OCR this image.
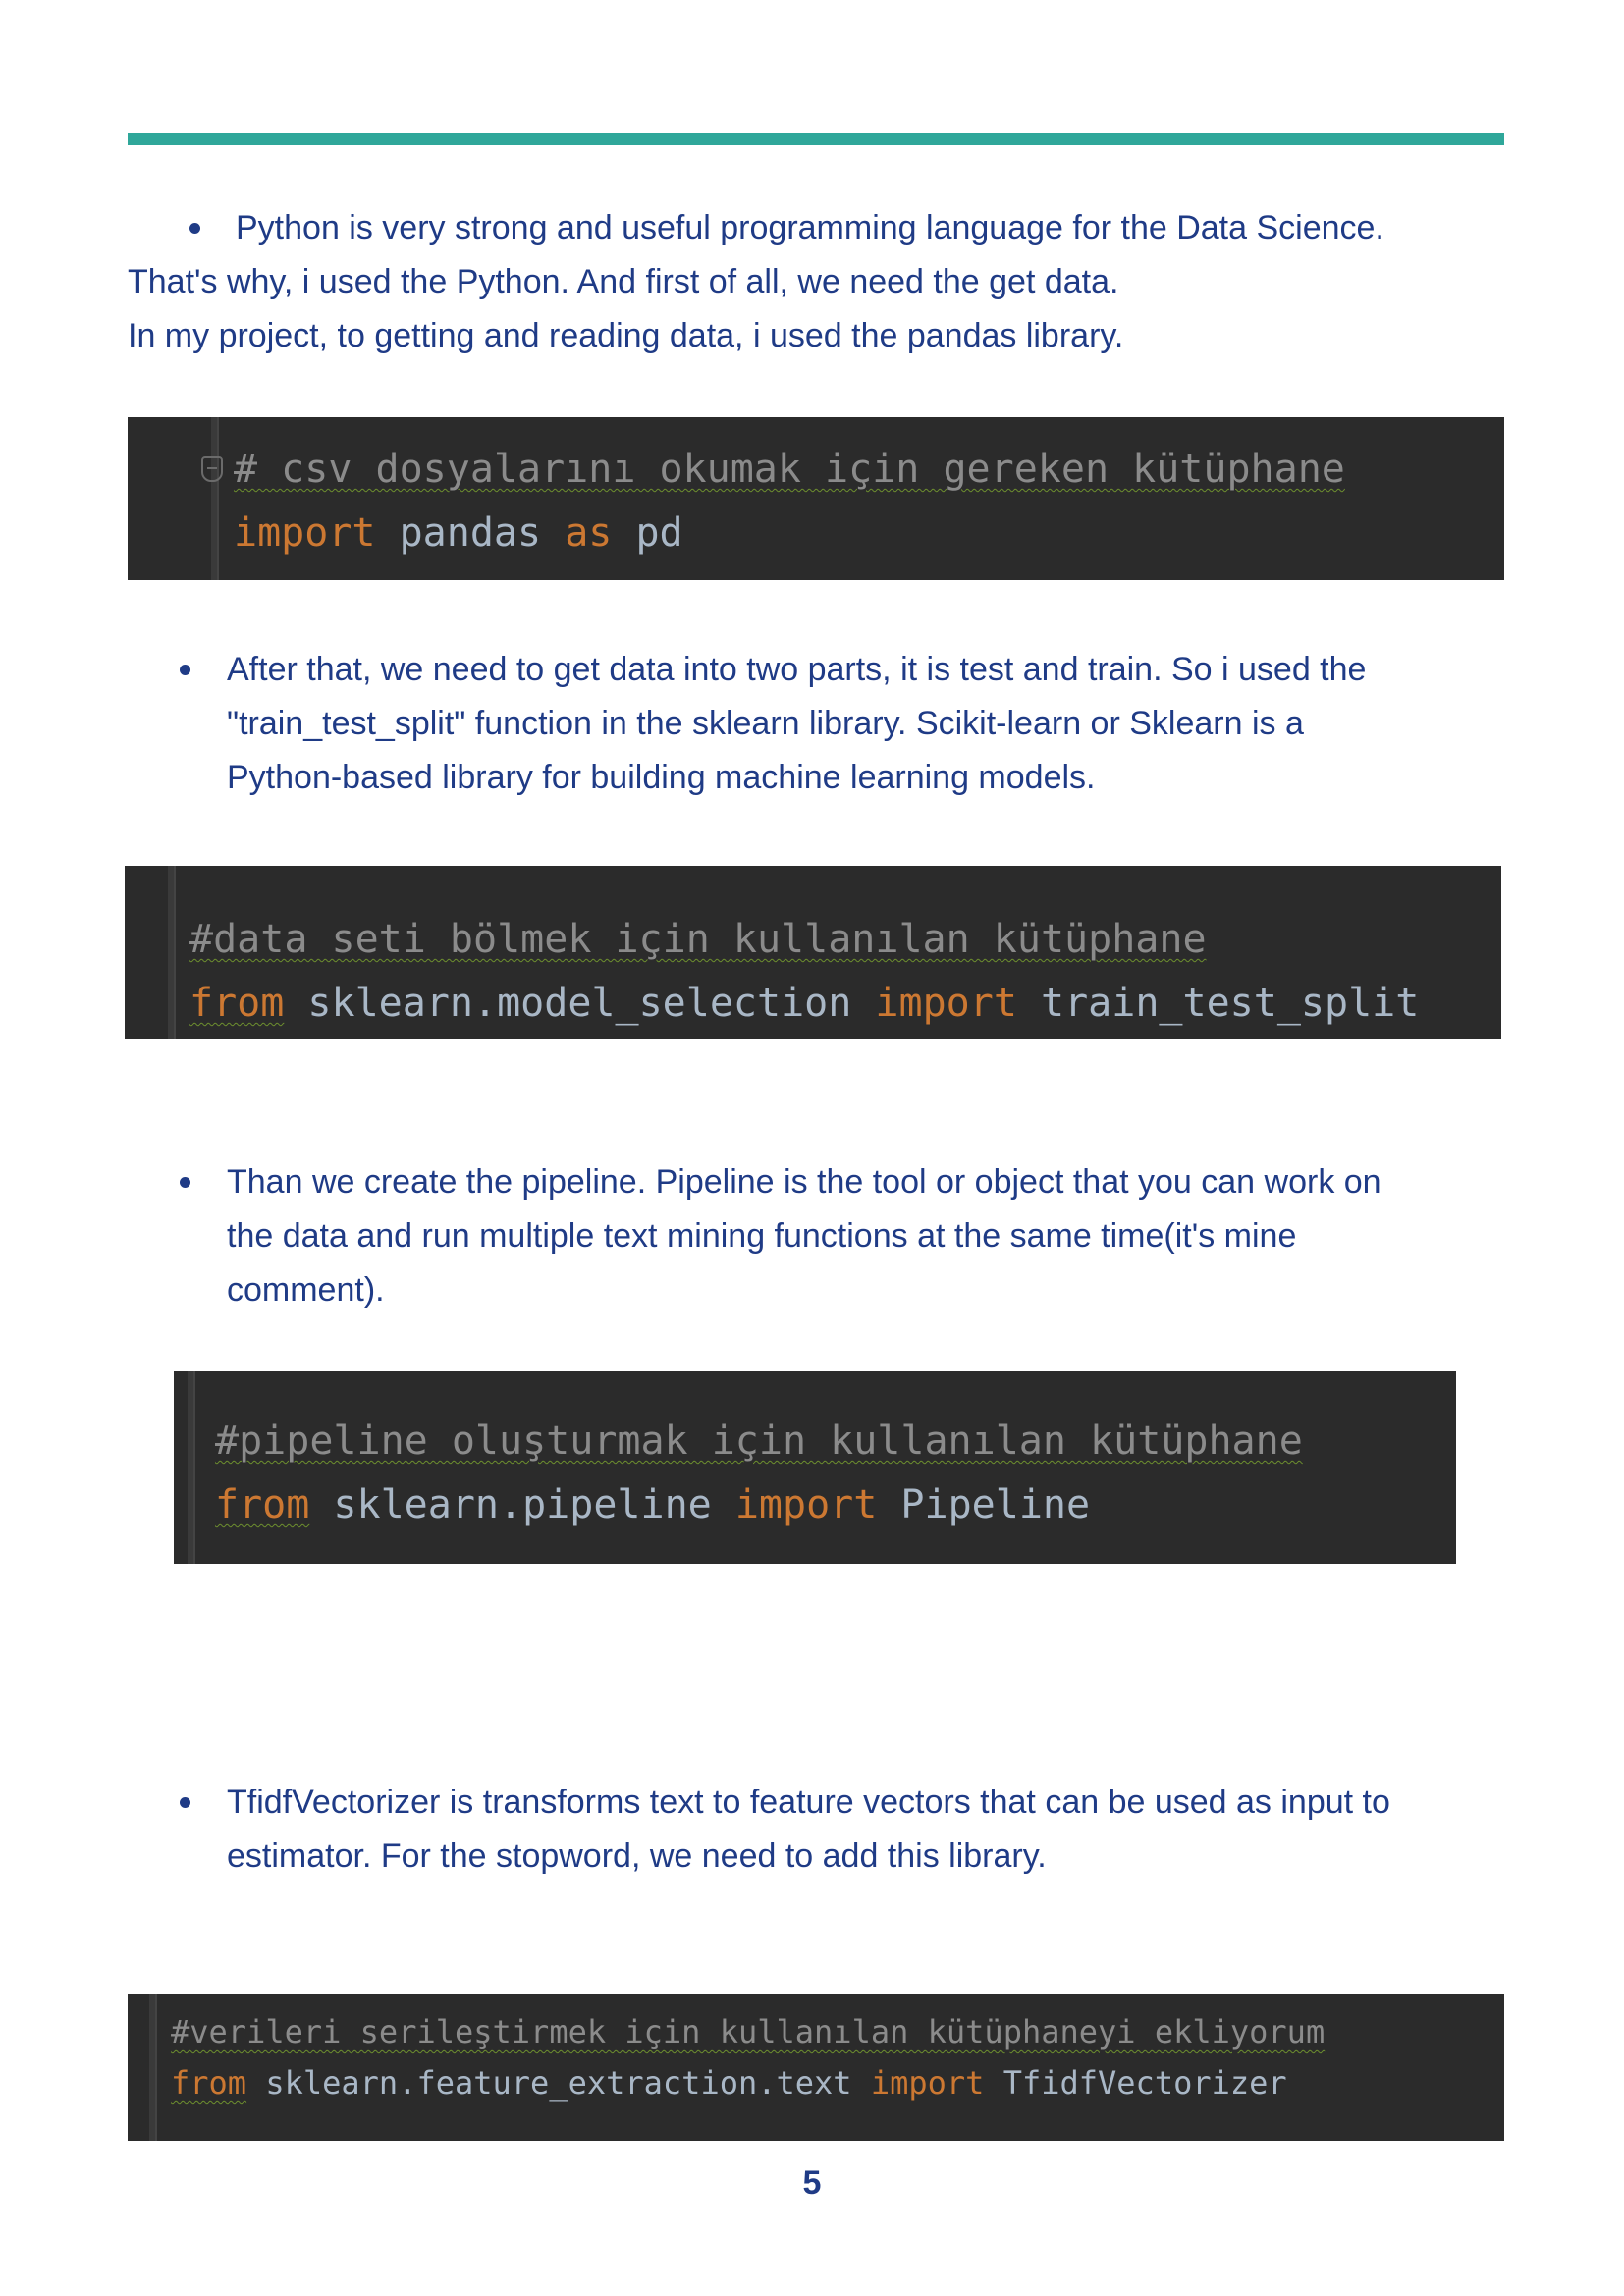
Python is very strong and useful programming language for the Data Science.
That's why, i used the Python. And first of all, we need the get data.
In my project, to getting and reading data, i used the pandas library.

# csv dosyalarını okumak için gereken kütüphane

import pandas as pd

After that, we need to get data into two parts, it is test and train. So i used the
"train_test_split" function in the sklearn library. Scikit-learn or Sklearn is a
Python-based library for building machine learning models.

#data seti bölmek için kullanılan kütüphane

from sklearn.model_selection import train_test_split

Than we create the pipeline. Pipeline is the tool or object that you can work on
the data and run multiple text mining functions at the same time(it's mine
comment).

#pipeline oluşturmak için kullanılan kütüphane

from sklearn.pipeline import Pipeline

TfidfVectorizer is transforms text to feature vectors that can be used as input to
estimator. For the stopword, we need to add this library.

#verileri serileştirmek için kullanılan kütüphaneyi ekliyorum

from sklearn.feature_extraction.text import TfidfVectorizer

5
